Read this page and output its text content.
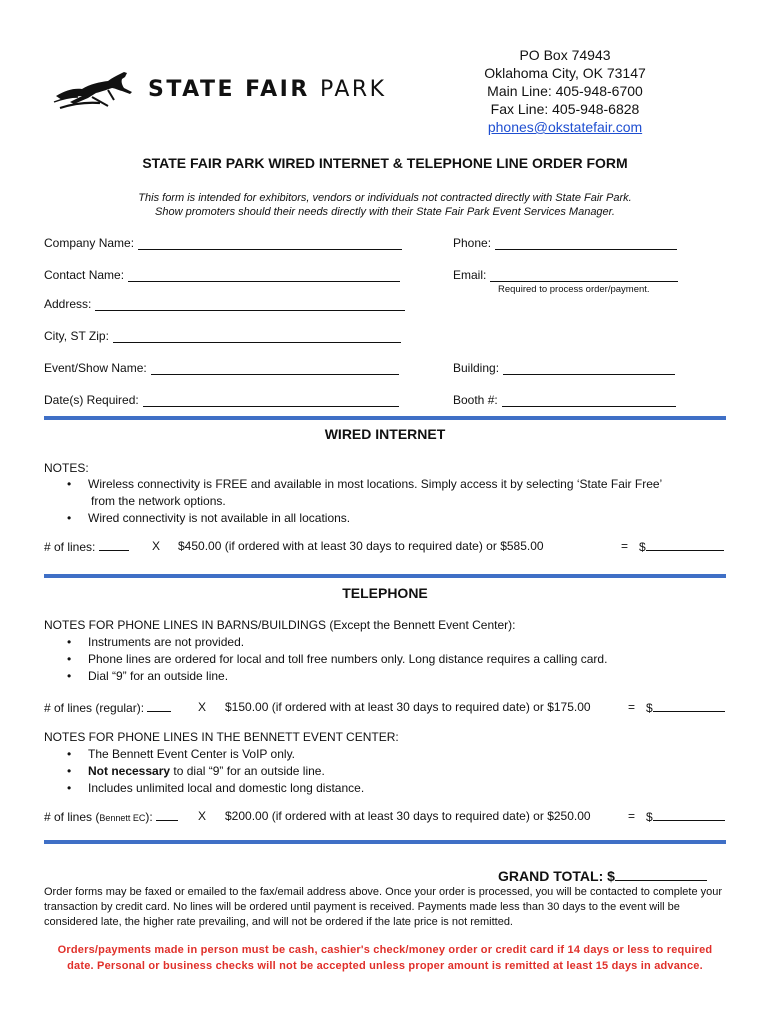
PO Box 74943
Oklahoma City, OK 73147
Main Line: 405-948-6700
Fax Line: 405-948-6828
phones@okstatefair.com
STATE FAIR PARK
STATE FAIR PARK WIRED INTERNET & TELEPHONE LINE ORDER FORM
This form is intended for exhibitors, vendors or individuals not contracted directly with State Fair Park.
Show promoters should their needs directly with their State Fair Park Event Services Manager.
Company Name:	Phone:
Contact Name:	Email:
Required to process order/payment.
Address:
City, ST Zip:
Event/Show Name:	Building:
Date(s) Required:	Booth #:
WIRED INTERNET
NOTES:
• Wireless connectivity is FREE and available in most locations. Simply access it by selecting ‘State Fair Free’
from the network options.
• Wired connectivity is not available in all locations.
# of lines:	X $450.00 (if ordered with at least 30 days to required date) or $585.00	= $
TELEPHONE
NOTES FOR PHONE LINES IN BARNS/BUILDINGS (Except the Bennett Event Center):
• Instruments are not provided.
• Phone lines are ordered for local and toll free numbers only. Long distance requires a calling card.
• Dial “9” for an outside line.
# of lines (regular):	X $150.00 (if ordered with at least 30 days to required date) or $175.00	= $
NOTES FOR PHONE LINES IN THE BENNETT EVENT CENTER:
• The Bennett Event Center is VoIP only.
• Not necessary to dial “9” for an outside line.
• Includes unlimited local and domestic long distance.
# of lines (Bennett EC):	X $200.00 (if ordered with at least 30 days to required date) or $250.00	= $
GRAND TOTAL: $
Order forms may be faxed or emailed to the fax/email address above. Once your order is processed, you will be contacted to complete your transaction by credit card. No lines will be ordered until payment is received. Payments made less than 30 days to the event will be considered late, the higher rate prevailing, and will not be ordered if the late price is not remitted.
Orders/payments made in person must be cash, cashier's check/money order or credit card if 14 days or less to required
date. Personal or business checks will not be accepted unless proper amount is remitted at least 15 days in advance.
